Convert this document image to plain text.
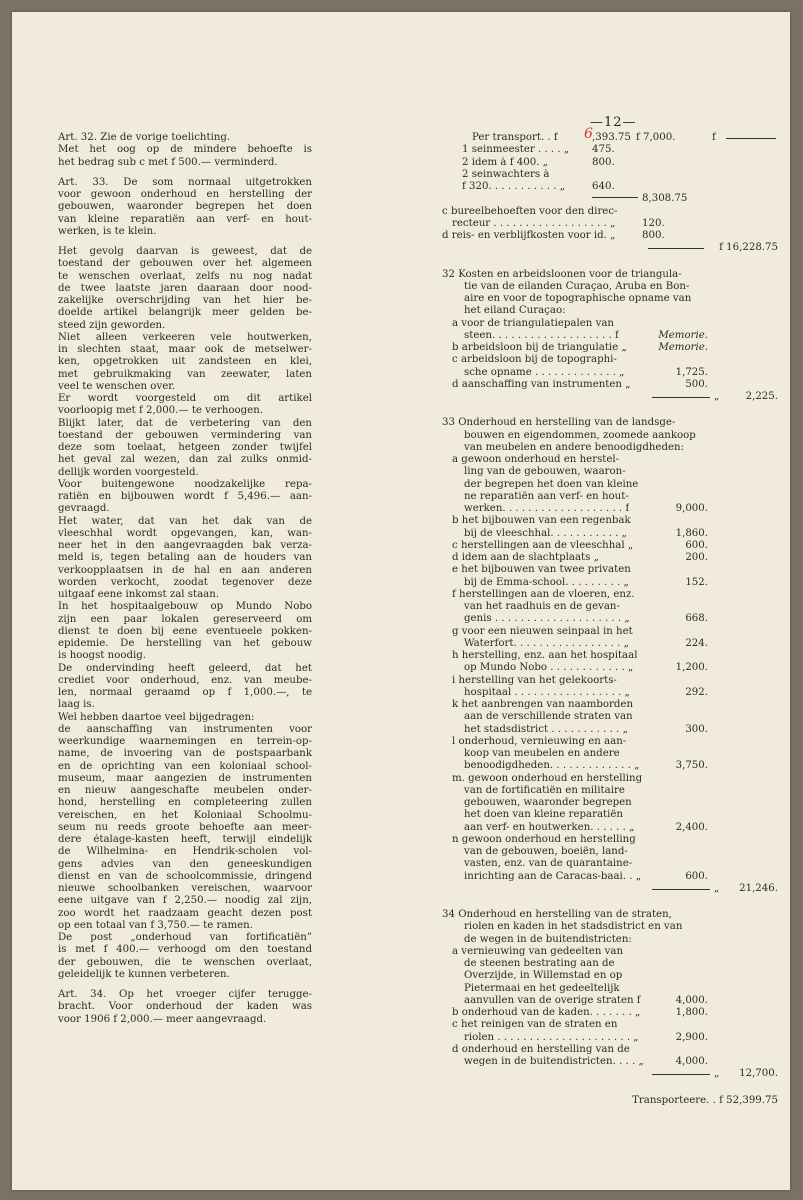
—12—

Art. 32. Zie de vorige toelichting.
Met het oog op de mindere behoefte is
het bedrag sub c met f 500.— verminderd.

Art. 33. De som normaal uitgetrokken
voor gewoon onderhoud en herstelling der
gebouwen, waaronder begrepen het doen
van kleine reparatiën aan verf- en hout-
werken, is te klein.

Het gevolg daarvan is geweest, dat de
toestand der gebouwen over het algemeen
te wenschen overlaat, zelfs nu nog nadat
de twee laatste jaren daaraan door nood-
zakelijke overschrijding van het hier be-
doelde artikel belangrijk meer gelden be-
steed zijn geworden.
Niet alleen verkeeren vele houtwerken,
in slechten staat, maar ook de metselwer-
ken, opgetrokken uit zandsteen en klei,
met gebruikmaking van zeewater, laten
veel te wenschen over.
Er wordt voorgesteld om dit artikel
voorloopig met f 2,000.— te verhoogen.
Blijkt later, dat de verbetering van den
toestand der gebouwen vermindering van
deze som toelaat, hetgeen zonder twijfel
het geval zal wezen, dan zal zulks onmid-
dellijk worden voorgesteld.
Voor buitengewone noodzakelijke repa-
ratiën en bijbouwen wordt f 5,496.— aan-
gevraagd.
Het water, dat van het dak van de
vleeschhal wordt opgevangen, kan, wan-
neer het in den aangevraagden bak verza-
meld is, tegen betaling aan de houders van
verkoopplaatsen in de hal en aan anderen
worden verkocht, zoodat tegenover deze
uitgaaf eene inkomst zal staan.
In het hospitaalgebouw op Mundo Nobo
zijn een paar lokalen gereserveerd om
dienst te doen bij eene eventueele pokken-
epidemie. De herstelling van het gebouw
is hoogst noodig.
De ondervinding heeft geleerd, dat het
crediet voor onderhoud, enz. van meube-
len, normaal geraamd op f 1,000.—, te
laag is.
Wel hebben daartoe veel bijgedragen:
de aanschaffing van instrumenten voor
weerkundige waarnemingen en terrein-op-
name, de invoering van de postspaarbank
en de oprichting van een koloniaal school-
museum, maar aangezien de instrumenten
en nieuw aangeschafte meubelen onder-
hond, herstelling en completeering zullen
vereischen, en het Koloniaal Schoolmu-
seum nu reeds groote behoefte aan meer-
dere étalage-kasten heeft, terwijl eindelijk
de Wilhelmina- en Hendrik-scholen vol-
gens advies van den geneeskundigen
dienst en van de schoolcommissie, dringend
nieuwe schoolbanken vereischen, waarvoor
eene uitgave van f 2,250.— noodig zal zijn,
zoo wordt het raadzaam geacht dezen post
op een totaal van f 3,750.— te ramen.
De post „onderhoud van fortificatiën”
is met f 400.— verhoogd om den toestand
der gebouwen, die te wenschen overlaat,
geleidelijk te kunnen verbeteren.

Art. 34. Op het vroeger cijfer terugge-
bracht. Voor onderhoud der kaden was
voor 1906 f 2,000.— meer aangevraagd.

Per transport. . f 6 ,393.75 f 7,000.	f
1 seinmeester . . . . „ 475.
2 idem à f 400. „	800.
2 seinwachters à
f 320. . . . . . . . . . . „	640.
8,308.75
c bureelbehoeften voor den direc-
recteur . . . . . . . . . . . . . . . . . . „	120.
d reis- en verblijfkosten voor id. „	800.
f 16,228.75
32 Kosten en arbeidsloonen voor de triangula-
tie van de eilanden Curaçao, Aruba en Bon-
aire en voor de topographische opname van
het eiland Curaçao:
a voor de triangulatiepalen van
steen. . . . . . . . . . . . . . . . . . . f	Memorie.
b arbeidsloon bij de triangulatie „	Memorie.
c arbeidsloon bij de topographi-
sche opname . . . . . . . . . . . . . „	1,725.
d aanschaffing van instrumenten „	500.
„	2,225.
33 Onderhoud en herstelling van de landsge-
bouwen en eigendommen, zoomede aankoop
van meubelen en andere benoodigdheden:
a gewoon onderhoud en herstel-
ling van de gebouwen, waaron-
der begrepen het doen van kleine
ne reparatiën aan verf- en hout-
werken. . . . . . . . . . . . . . . . . . . f	9,000.
b het bijbouwen van een regenbak
bij de vleeschhal. . . . . . . . . . . „	1,860.
c herstellingen aan de vleeschhal „	600.
d idem aan de slachtplaats „	200.
e het bijbouwen van twee privaten
bij de Emma-school. . . . . . . . . „	152.
f herstellingen aan de vloeren, enz.
van het raadhuis en de gevan-
genis . . . . . . . . . . . . . . . . . . . . „	668.
g voor een nieuwen seinpaal in het
Waterfort. . . . . . . . . . . . . . . . . „	224.
h herstelling, enz. aan het hospitaal
op Mundo Nobo . . . . . . . . . . . . „	1,200.
i herstelling van het gelekoorts-
hospitaal . . . . . . . . . . . . . . . . . „	292.
k het aanbrengen van naamborden
aan de verschillende straten van
het stadsdistrict . . . . . . . . . . . „	300.
l onderhoud, vernieuwing en aan-
koop van meubelen en andere
benoodigdheden. . . . . . . . . . . . . „	3,750.
m. gewoon onderhoud en herstelling
van de fortificatiën en militaire
gebouwen, waaronder begrepen
het doen van kleine reparatiën
aan verf- en houtwerken. . . . . . „	2,400.
n gewoon onderhoud en herstelling
van de gebouwen, boeiën, land-
vasten, enz. van de quarantaine-
inrichting aan de Caracas-baai. . „	600.
„	21,246.
34 Onderhoud en herstelling van de straten,
riolen en kaden in het stadsdistrict en van
de wegen in de buitendistricten:
a vernieuwing van gedeelten van
de steenen bestrating aan de
Overzijde, in Willemstad en op
Pietermaai en het gedeeltelijk
aanvullen van de overige straten f	4,000.
b onderhoud van de kaden. . . . . . . „	1,800.
c het reinigen van de straten en
riolen . . . . . . . . . . . . . . . . . . . . . „	2,900.
d onderhoud en herstelling van de
wegen in de buitendistricten. . . . „	4,000.
„	12,700.
Transporteere. . f 52,399.75
